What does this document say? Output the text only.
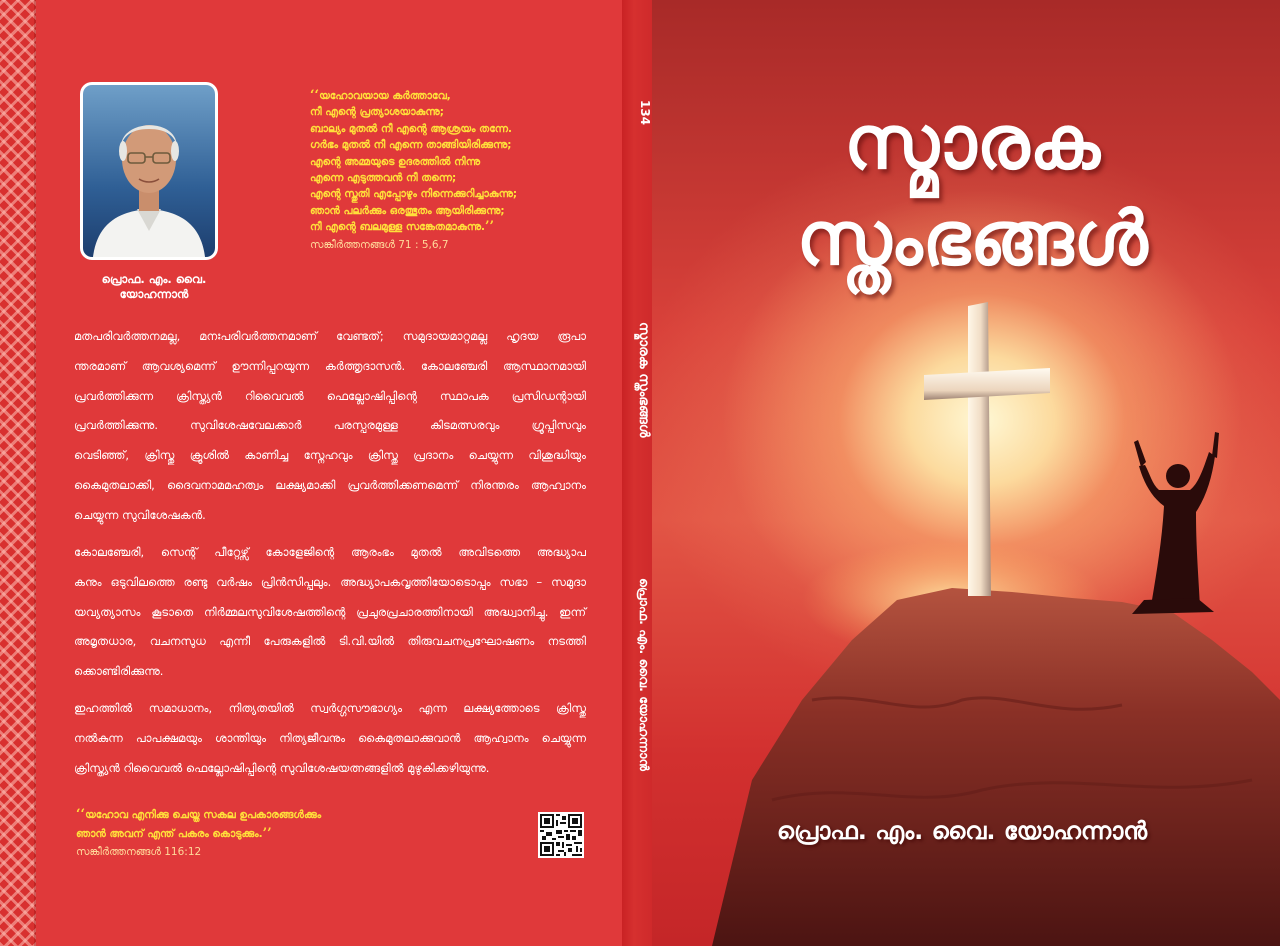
പ്രൊഫ. എം. വൈ. യോഹന്നാൻ
‘‘യഹോവയായ കർത്താവേ,
നീ എന്റെ പ്രത്യാശയാകുന്നു;
ബാല്യം മുതൽ നീ എന്റെ ആശ്രയം തന്നേ.
ഗർഭം മുതൽ നീ എന്നെ താങ്ങിയിരിക്കുന്നു;
എന്റെ അമ്മയുടെ ഉദരത്തിൽ നിന്നു
എന്നെ എടുത്തവൻ നീ തന്നെ;
എന്റെ സ്തുതി എപ്പോഴും നിന്നെക്കുറിച്ചാകുന്നു;
ഞാൻ പലർക്കും ഒരത്ഭുതം ആയിരിക്കുന്നു;
നീ എന്റെ ബലമുള്ള സങ്കേതമാകുന്നു.’’
സങ്കീർത്തനങ്ങൾ 71 : 5,6,7

മതപരിവർത്തനമല്ല, മനഃപരിവർത്തനമാണ് വേണ്ടത്; സമുദായമാറ്റമല്ല ഹൃദയ രൂപാ
ന്തരമാണ് ആവശ്യമെന്ന് ഊന്നിപ്പറയുന്ന കർത്തൃദാസൻ. കോലഞ്ചേരി ആസ്ഥാനമായി
പ്രവർത്തിക്കുന്ന ക്രിസ്ത്യൻ റിവൈവൽ ഫെല്ലോഷിപ്പിന്റെ സ്ഥാപക പ്രസിഡന്റായി
പ്രവർത്തിക്കുന്നു. സുവിശേഷവേലക്കാർ പരസ്പരമുള്ള കിടമത്സരവും ഗ്രൂപ്പിസവും
വെടിഞ്ഞ്, ക്രിസ്തു ക്രൂശിൽ കാണിച്ച സ്നേഹവും ക്രിസ്തു പ്രദാനം ചെയ്യുന്ന വിശുദ്ധിയും
കൈമുതലാക്കി, ദൈവനാമമഹത്വം ലക്ഷ്യമാക്കി പ്രവർത്തിക്കണമെന്ന് നിരന്തരം ആഹ്വാനം
ചെയ്യുന്ന സുവിശേഷകൻ.

കോലഞ്ചേരി, സെന്റ് പീറ്റേഴ്സ് കോളേജിന്റെ ആരംഭം മുതൽ അവിടത്തെ അദ്ധ്യാപ
കനും ഒടുവിലത്തെ രണ്ടു വർഷം പ്രിൻസിപ്പലും. അദ്ധ്യാപകവൃത്തിയോടൊപ്പം സഭാ – സമുദാ
യവ്യത്യാസം കൂടാതെ നിർമ്മലസുവിശേഷത്തിന്റെ പ്രചുരപ്രചാരത്തിനായി അദ്ധ്വാനിച്ചു. ഇന്ന്
അമൃതധാര, വചനസുധ എന്നീ പേരുകളിൽ ടി.വി.യിൽ തിരുവചനപ്രഘോഷണം നടത്തി
ക്കൊണ്ടിരിക്കുന്നു.

ഇഹത്തിൽ സമാധാനം, നിത്യതയിൽ സ്വർഗ്ഗസൗഭാഗ്യം എന്ന ലക്ഷ്യത്തോടെ ക്രിസ്തു
നൽകുന്ന പാപക്ഷമയും ശാന്തിയും നിത്യജീവനും കൈമുതലാക്കുവാൻ ആഹ്വാനം ചെയ്യുന്ന
ക്രിസ്ത്യൻ റിവൈവൽ ഫെല്ലോഷിപ്പിന്റെ സുവിശേഷയത്നങ്ങളിൽ മുഴുകിക്കഴിയുന്നു.

‘‘യഹോവ എനിക്കു ചെയ്ത സകല ഉപകാരങ്ങൾക്കും
ഞാൻ അവന് എന്ത് പകരം കൊടുക്കും.’’
സങ്കീർത്തനങ്ങൾ 116:12
134
സ്മാരക സ്തംഭങ്ങൾ
പ്രൊഫ. എം. വൈ. യോഹന്നാൻ
സ്മാരക
സ്തംഭങ്ങൾ
പ്രൊഫ. എം. വൈ. യോഹന്നാൻ
